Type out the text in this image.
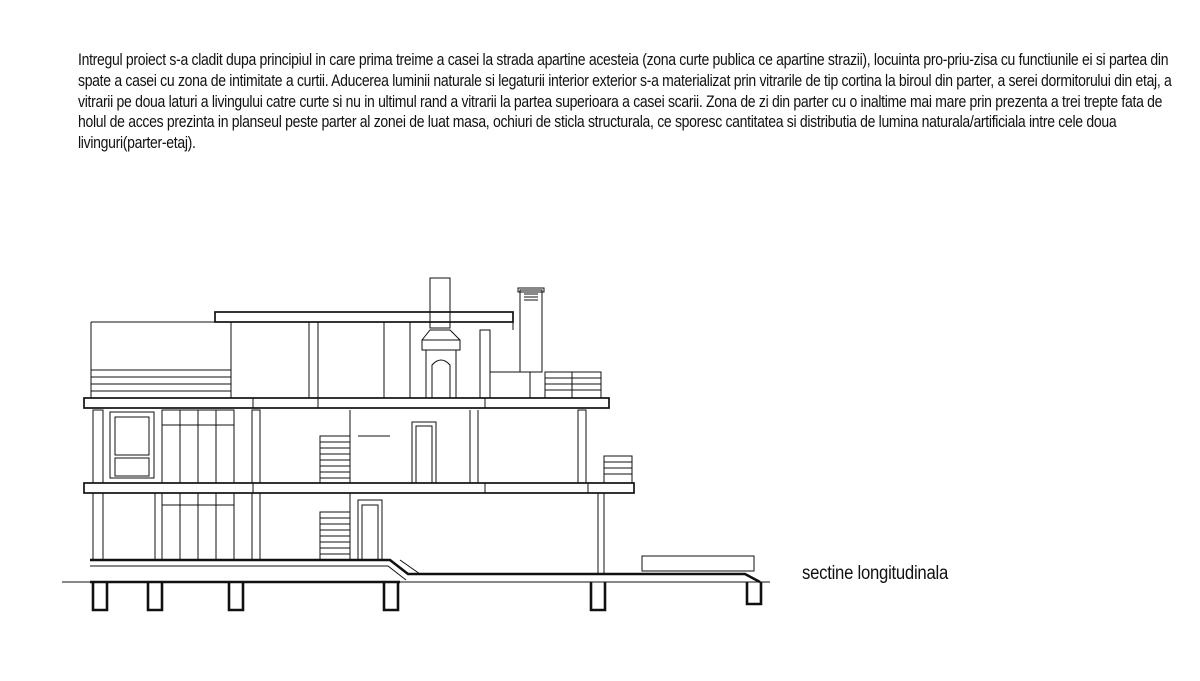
Intregul proiect s-a cladit dupa principiul in care prima treime a casei la strada apartine acesteia (zona curte publica ce apartine strazii), locuinta pro-priu-zisa cu functiunile ei si partea din spate a casei cu zona de intimitate a curtii. Aducerea luminii naturale si legaturii interior exterior s-a materializat prin vitrarile de tip cortina la biroul din parter, a serei dormitorului din etaj, a vitrarii pe doua laturi a livingului catre curte si nu in ultimul rand a vitrarii la partea superioara a casei scarii. Zona de zi din parter cu o inaltime mai mare prin prezenta a trei trepte fata de holul de acces prezinta in planseul peste parter al zonei de luat masa, ochiuri de sticla structurala, ce sporesc cantitatea si distributia de lumina naturala/artificiala intre cele doua livinguri(parter-etaj).

sectine longitudinala
